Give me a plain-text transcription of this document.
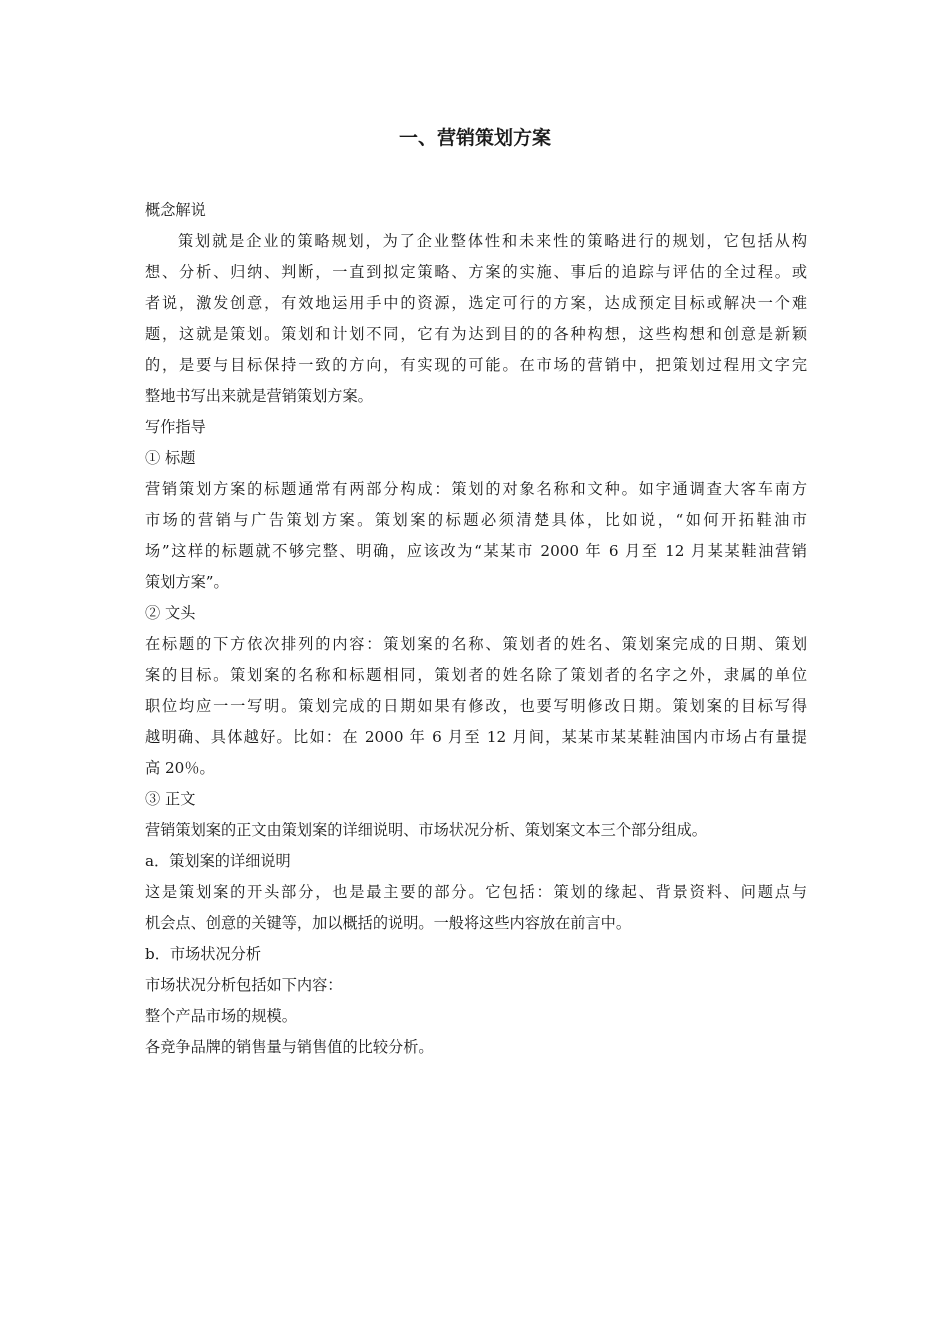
一、营销策划方案

概念解说

策划就是企业的策略规划，为了企业整体性和未来性的策略进行的规划，它包括从构

想、分析、归纳、判断，一直到拟定策略、方案的实施、事后的追踪与评估的全过程。或

者说，激发创意，有效地运用手中的资源，选定可行的方案，达成预定目标或解决一个难

题，这就是策划。策划和计划不同，它有为达到目的的各种构想，这些构想和创意是新颖

的，是要与目标保持一致的方向，有实现的可能。在市场的营销中，把策划过程用文字完

整地书写出来就是营销策划方案。

写作指导

① 标题

营销策划方案的标题通常有两部分构成：策划的对象名称和文种。如宇通调查大客车南方

市场的营销与广告策划方案。策划案的标题必须清楚具体，比如说，“如何开拓鞋油市

场”这样的标题就不够完整、明确，应该改为“某某市 2000 年 6 月至 12 月某某鞋油营销

策划方案”。

② 文头

在标题的下方依次排列的内容：策划案的名称、策划者的姓名、策划案完成的日期、策划

案的目标。策划案的名称和标题相同，策划者的姓名除了策划者的名字之外，隶属的单位

职位均应一一写明。策划完成的日期如果有修改，也要写明修改日期。策划案的目标写得

越明确、具体越好。比如：在 2000 年 6 月至 12 月间，某某市某某鞋油国内市场占有量提

高 20％。

③ 正文

营销策划案的正文由策划案的详细说明、市场状况分析、策划案文本三个部分组成。

a．策划案的详细说明

这是策划案的开头部分，也是最主要的部分。它包括：策划的缘起、背景资料、问题点与

机会点、创意的关键等，加以概括的说明。一般将这些内容放在前言中。

b．市场状况分析

市场状况分析包括如下内容：

整个产品市场的规模。

各竞争品牌的销售量与销售值的比较分析。
